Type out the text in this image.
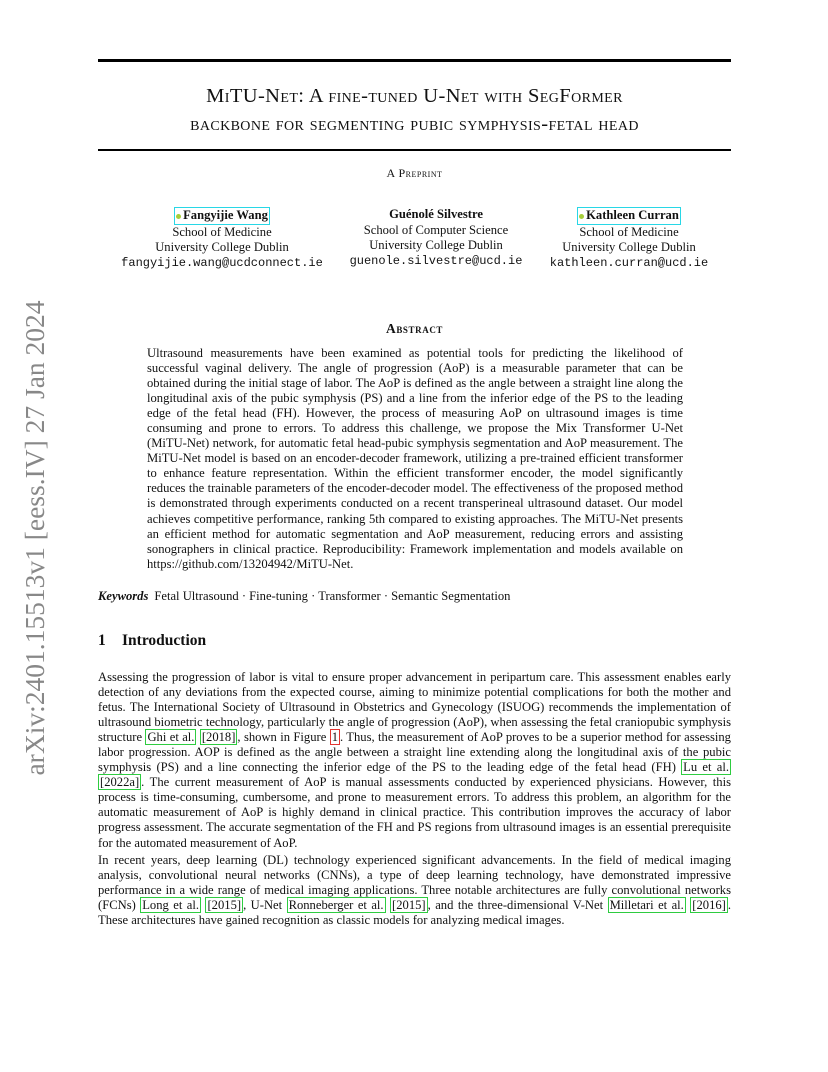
arXiv:2401.15513v1 [eess.IV] 27 Jan 2024
MiTU-Net: A fine-tuned U-Net with SegFormer
backbone for segmenting pubic symphysis-fetal head
A Preprint
Fangyijie Wang
School of Medicine
University College Dublin
fangyijie.wang@ucdconnect.ie
Guénolé Silvestre
School of Computer Science
University College Dublin
guenole.silvestre@ucd.ie
Kathleen Curran
School of Medicine
University College Dublin
kathleen.curran@ucd.ie
Abstract

Ultrasound measurements have been examined as potential tools for predicting the likelihood of successful vaginal delivery. The angle of progression (AoP) is a measurable parameter that can be obtained during the initial stage of labor. The AoP is defined as the angle between a straight line along the longitudinal axis of the pubic symphysis (PS) and a line from the inferior edge of the PS to the leading edge of the fetal head (FH). However, the process of measuring AoP on ultrasound images is time consuming and prone to errors. To address this challenge, we propose the Mix Transformer U-Net (MiTU-Net) network, for automatic fetal head-pubic symphysis segmentation and AoP measurement. The MiTU-Net model is based on an encoder-decoder framework, utilizing a pre-trained efficient transformer to enhance feature representation. Within the efficient transformer encoder, the model significantly reduces the trainable parameters of the encoder-decoder model. The effectiveness of the proposed method is demonstrated through experiments conducted on a recent transperineal ultrasound dataset. Our model achieves competitive performance, ranking 5th compared to existing approaches. The MiTU-Net presents an efficient method for automatic segmentation and AoP measurement, reducing errors and assisting sonographers in clinical practice. Reproducibility: Framework implementation and models available on https://github.com/13204942/MiTU-Net.

Keywords Fetal Ultrasound · Fine-tuning · Transformer · Semantic Segmentation
1 Introduction

Assessing the progression of labor is vital to ensure proper advancement in peripartum care. This assessment enables early detection of any deviations from the expected course, aiming to minimize potential complications for both the mother and fetus. The International Society of Ultrasound in Obstetrics and Gynecology (ISUOG) recommends the implementation of ultrasound biometric technology, particularly the angle of progression (AoP), when assessing the fetal craniopubic symphysis structure Ghi et al. [2018] , shown in Figure 1 . Thus, the measurement of AoP proves to be a superior method for assessing labor progression. AOP is defined as the angle between a straight line extending along the longitudinal axis of the pubic symphysis (PS) and a line connecting the inferior edge of the PS to the leading edge of the fetal head (FH) Lu et al. [2022a] . The current measurement of AoP is manual assessments conducted by experienced physicians. However, this process is time-consuming, cumbersome, and prone to measurement errors. To address this problem, an algorithm for the automatic measurement of AoP is highly demand in clinical practice. This contribution improves the accuracy of labor progress assessment. The accurate segmentation of the FH and PS regions from ultrasound images is an essential prerequisite for the automated measurement of AoP.

In recent years, deep learning (DL) technology experienced significant advancements. In the field of medical imaging analysis, convolutional neural networks (CNNs), a type of deep learning technology, have demonstrated impressive performance in a wide range of medical imaging applications. Three notable architectures are fully convolutional networks (FCNs) Long et al. [2015] , U-Net Ronneberger et al. [2015] , and the three-dimensional V-Net Milletari et al. [2016] . These architectures have gained recognition as classic models for analyzing medical images.
